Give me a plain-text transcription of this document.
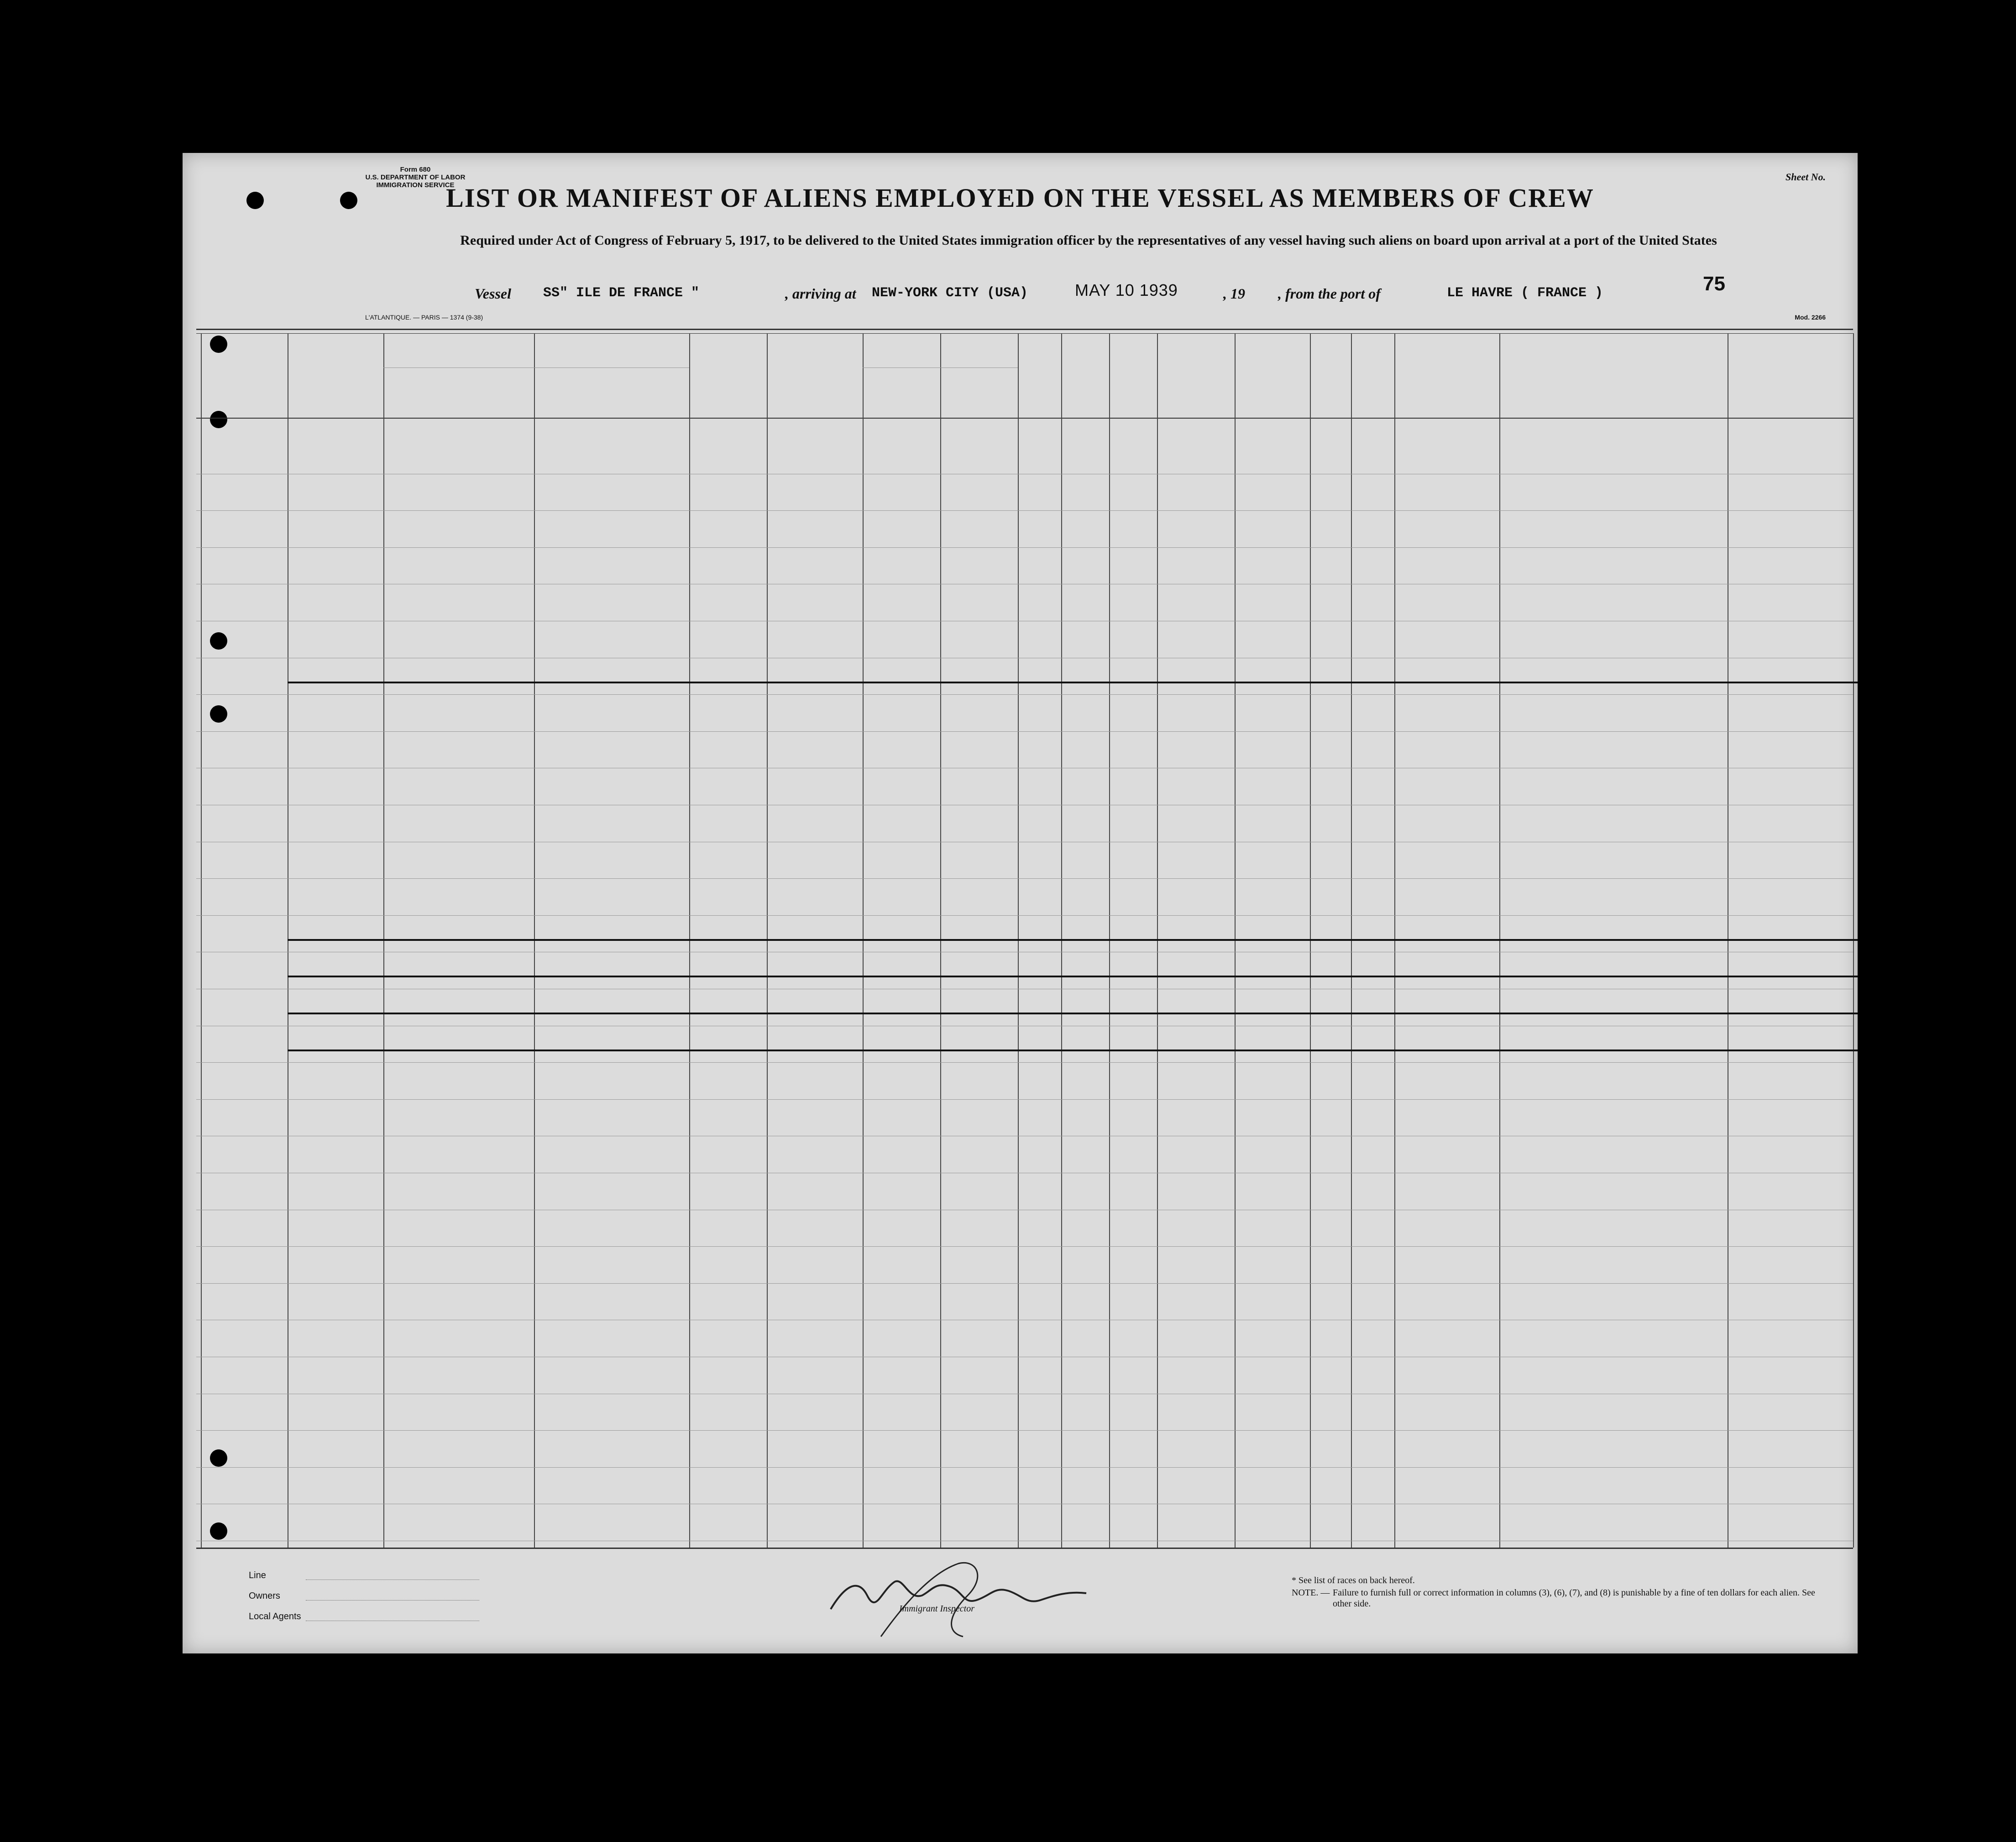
Form 680
U.S. DEPARTMENT OF LABOR
IMMIGRATION SERVICE
Sheet No.
LIST OR MANIFEST OF ALIENS EMPLOYED ON THE VESSEL AS MEMBERS OF CREW
Required under Act of Congress of February 5, 1917, to be delivered to the United States immigration officer by the representatives of any vessel having such aliens on board upon arrival at a port of the United States
Vessel SS" ILE DE FRANCE "	, arriving at NEW-YORK CITY (USA)	MAY 10 1939	, 19 , from the port of	LE HAVRE ( FRANCE )	75
L'ATLANTIQUE. — PARIS — 1374 (9-38)	Mod. 2266
Line
Owners
Local Agents
Immigrant Inspector
* See list of races on back hereof.
NOTE. — Failure to furnish full or correct information in columns (3), (6), (7), and (8) is punishable by a fine of ten dollars for each alien. See other side.
